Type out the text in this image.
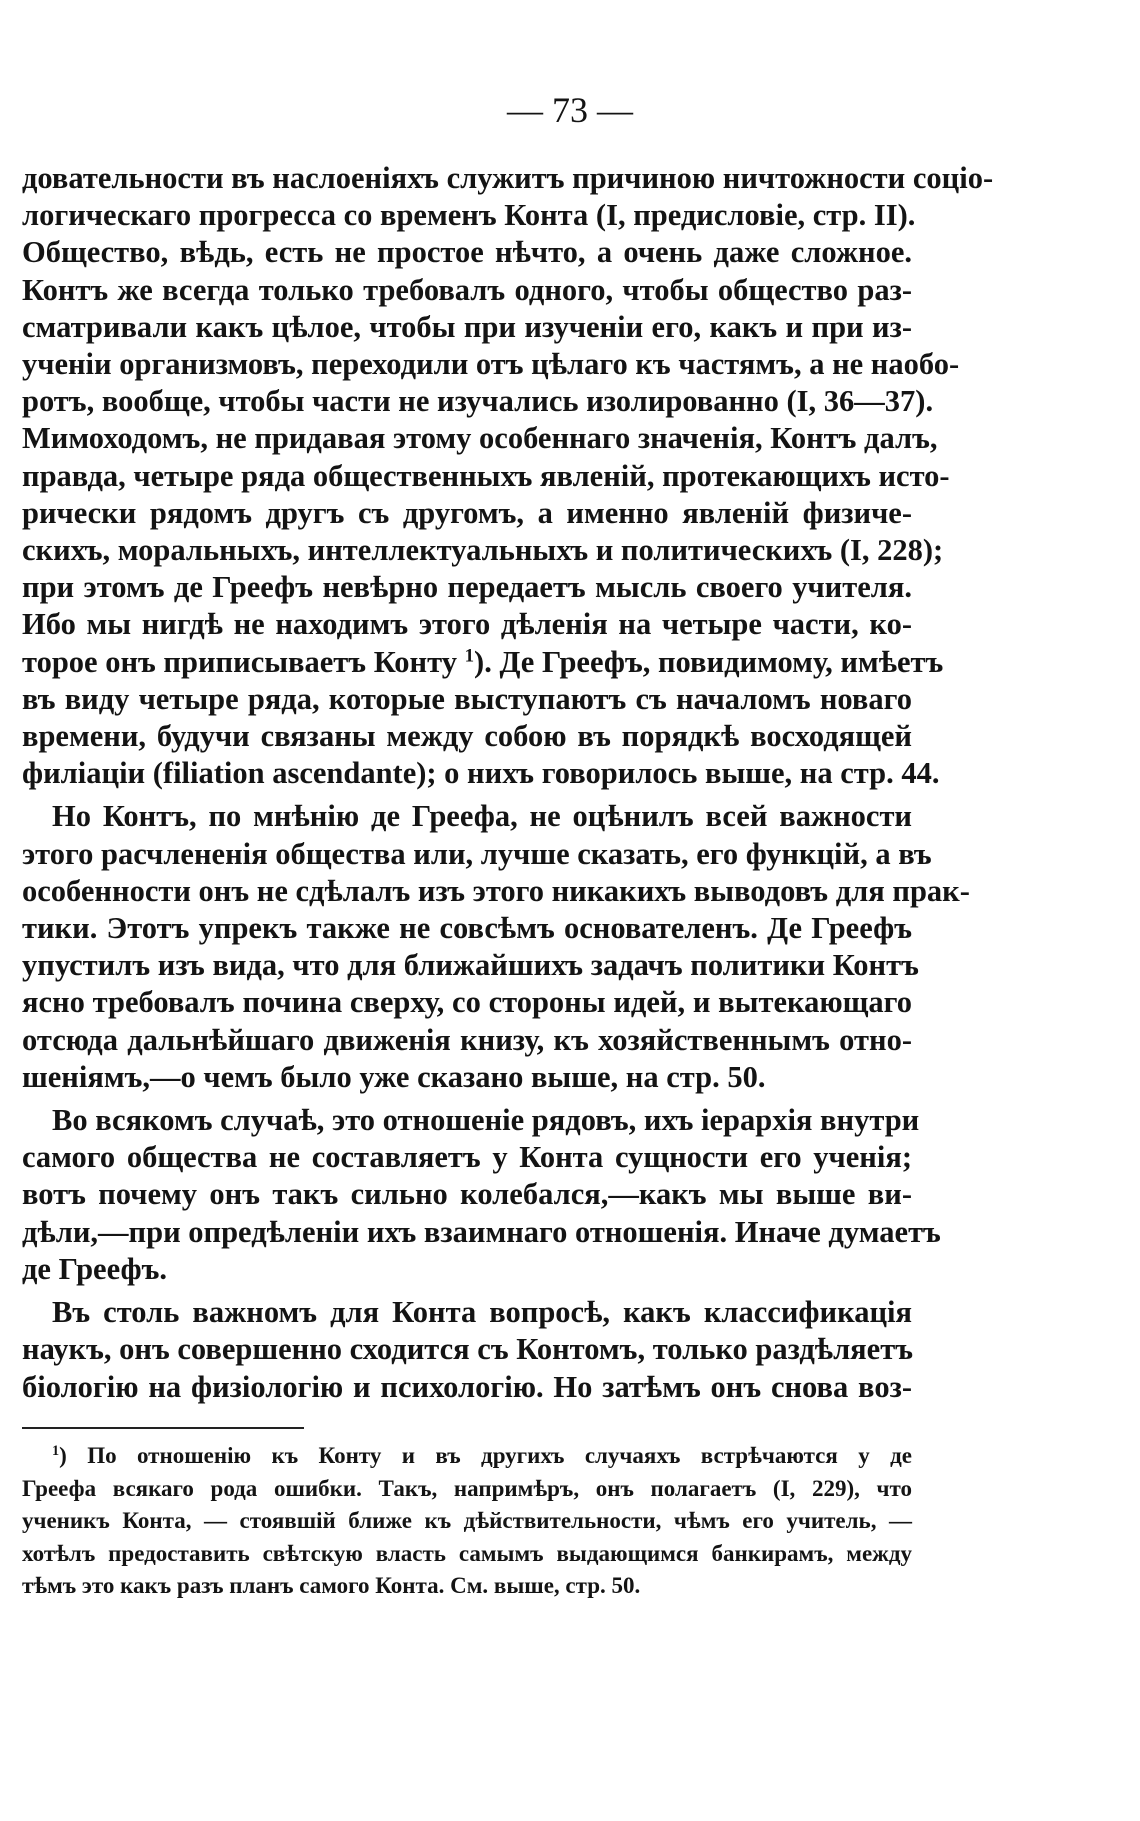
— 73 —
довательности въ наслоеніяхъ служитъ причиною ничтожности соціо-
логическаго прогресса со временъ Конта (I, предисловіе, стр. II).
Общество, вѣдь, есть не простое нѣчто, а очень даже сложное.
Контъ же всегда только требовалъ одного, чтобы общество раз-
сматривали какъ цѣлое, чтобы при изученіи его, какъ и при из-
ученіи организмовъ, переходили отъ цѣлаго къ частямъ, а не наобо-
ротъ, вообще, чтобы части не изучались изолированно (I, 36—37).
Мимоходомъ, не придавая этому особеннаго значенія, Контъ далъ,
правда, четыре ряда общественныхъ явленій, протекающихъ исто-
рически рядомъ другъ съ другомъ, а именно явленій физиче-
скихъ, моральныхъ, интеллектуальныхъ и политическихъ (I, 228);
при этомъ де Греефъ невѣрно передаетъ мысль своего учителя.
Ибо мы нигдѣ не находимъ этого дѣленія на четыре части, ко-
торое онъ приписываетъ Конту $^1$). Де Греефъ, повидимому, имѣетъ
въ виду четыре ряда, которые выступаютъ съ началомъ новаго
времени, будучи связаны между собою въ порядкѣ восходящей
филіаціи (filiation ascendante); о нихъ говорилось выше, на стр. 44.
Но Контъ, по мнѣнію де Греефа, не оцѣнилъ всей важности
этого расчлененія общества или, лучше сказать, его функцій, а въ
особенности онъ не сдѣлалъ изъ этого никакихъ выводовъ для прак-
тики. Этотъ упрекъ также не совсѣмъ основателенъ. Де Греефъ
упустилъ изъ вида, что для ближайшихъ задачъ политики Контъ
ясно требовалъ почина сверху, со стороны идей, и вытекающаго
отсюда дальнѣйшаго движенія книзу, къ хозяйственнымъ отно-
шеніямъ,—о чемъ было уже сказано выше, на стр. 50.
Во всякомъ случаѣ, это отношеніе рядовъ, ихъ іерархія внутри
самого общества не составляетъ у Конта сущности его ученія;
вотъ почему онъ такъ сильно колебался,—какъ мы выше ви-
дѣли,—при опредѣленіи ихъ взаимнаго отношенія. Иначе думаетъ
де Греефъ.
Въ столь важномъ для Конта вопросѣ, какъ классификація
наукъ, онъ совершенно сходится съ Контомъ, только раздѣляетъ
біологію на физіологію и психологію. Но затѣмъ онъ снова воз-
$^1$) По отношенію къ Конту и въ другихъ случаяхъ встрѣчаются у де
Греефа всякаго рода ошибки. Такъ, напримѣръ, онъ полагаетъ (I, 229), что
ученикъ Конта, — стоявшій ближе къ дѣйствительности, чѣмъ его учитель, —
хотѣлъ предоставить свѣтскую власть самымъ выдающимся банкирамъ, между
тѣмъ это какъ разъ планъ самого Конта. См. выше, стр. 50.
